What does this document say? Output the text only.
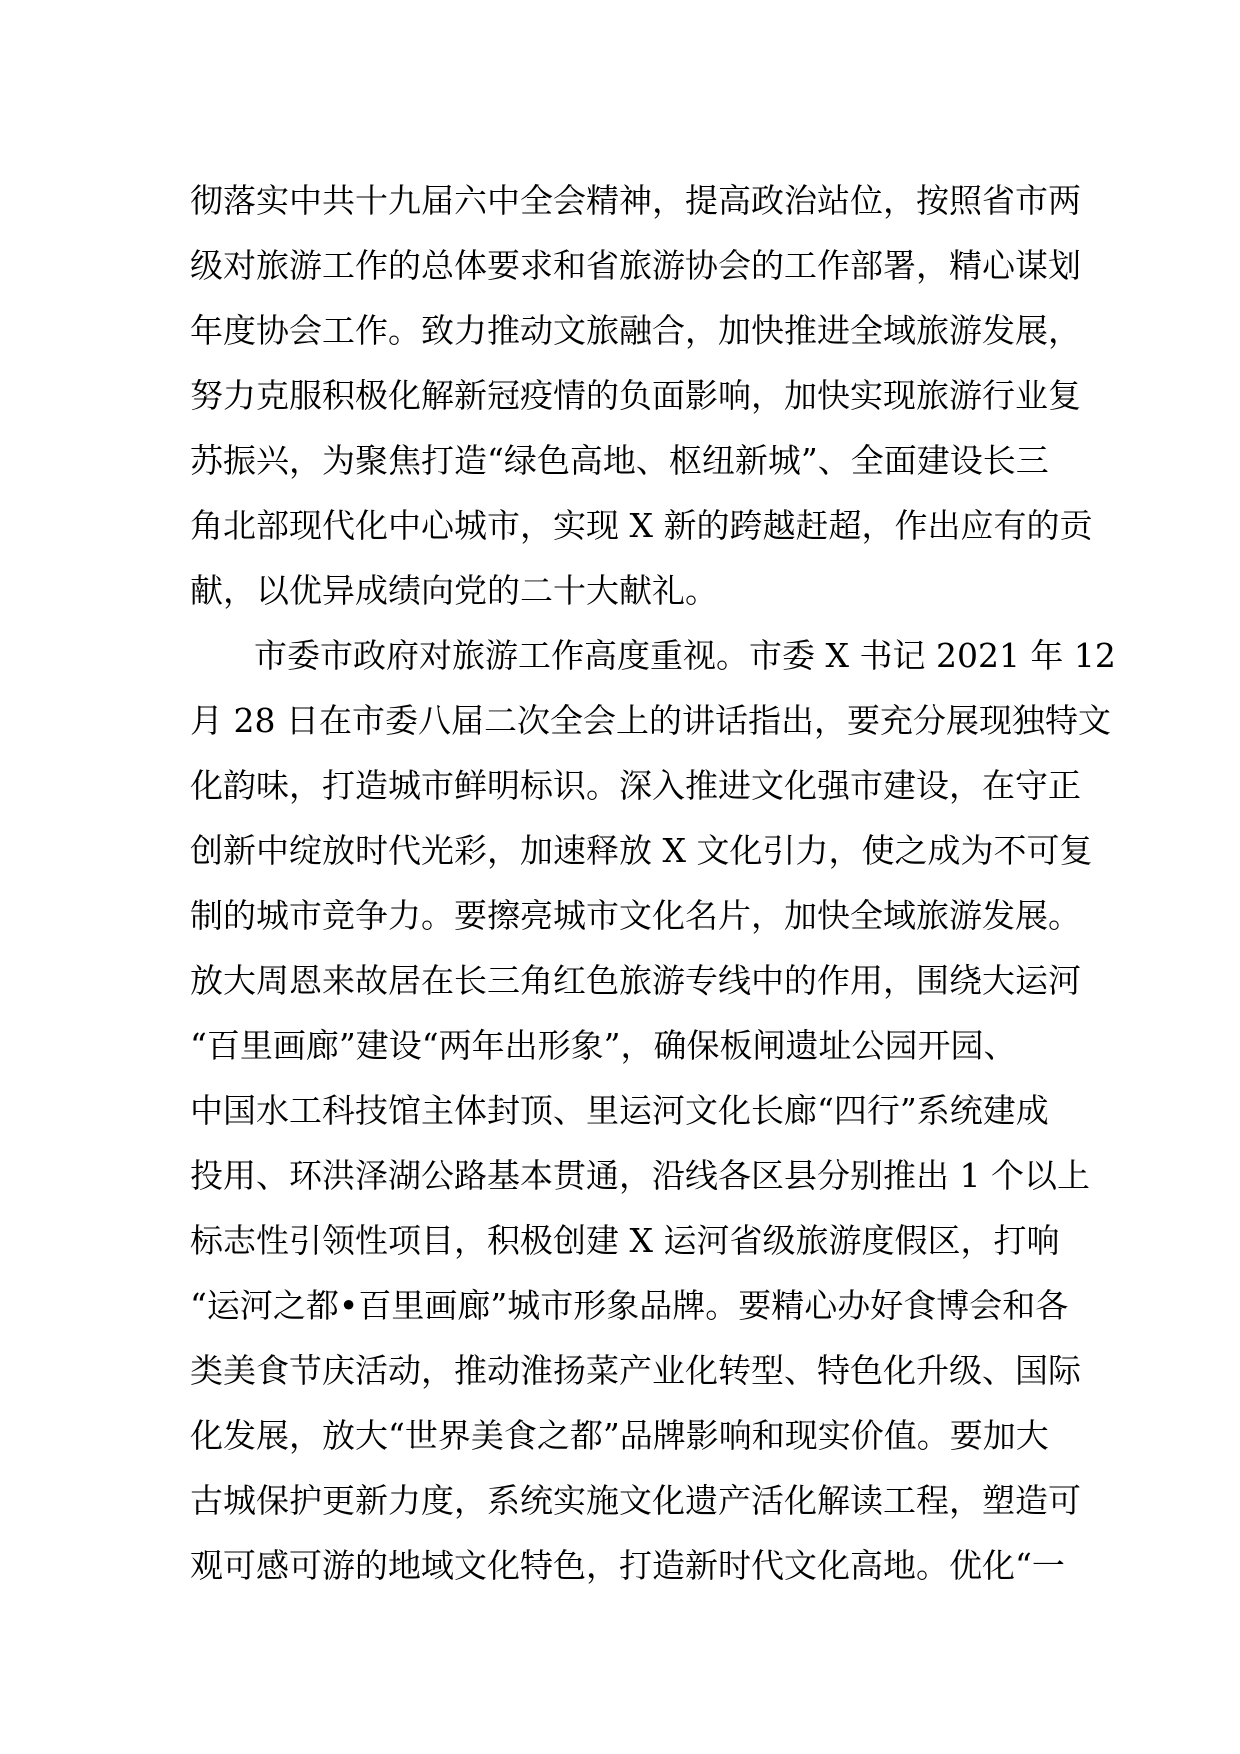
彻落实中共十九届六中全会精神，提高政治站位，按照省市两
级对旅游工作的总体要求和省旅游协会的工作部署，精心谋划
年度协会工作。致力推动文旅融合，加快推进全域旅游发展，
努力克服积极化解新冠疫情的负面影响，加快实现旅游行业复
苏振兴，为聚焦打造“绿色高地、枢纽新城”、全面建设长三
角北部现代化中心城市，实现 X 新的跨越赶超，作出应有的贡
献，以优异成绩向党的二十大献礼。
市委市政府对旅游工作高度重视。市委 X 书记 2021 年 12
月 28 日在市委八届二次全会上的讲话指出，要充分展现独特文
化韵味，打造城市鲜明标识。深入推进文化强市建设，在守正
创新中绽放时代光彩，加速释放 X 文化引力，使之成为不可复
制的城市竞争力。要擦亮城市文化名片，加快全域旅游发展。
放大周恩来故居在长三角红色旅游专线中的作用，围绕大运河
“百里画廊”建设“两年出形象”，确保板闸遗址公园开园、
中国水工科技馆主体封顶、里运河文化长廊“四行”系统建成
投用、环洪泽湖公路基本贯通，沿线各区县分别推出 1 个以上
标志性引领性项目，积极创建 X 运河省级旅游度假区，打响
“运河之都•百里画廊”城市形象品牌。要精心办好食博会和各
类美食节庆活动，推动淮扬菜产业化转型、特色化升级、国际
化发展，放大“世界美食之都”品牌影响和现实价值。要加大
古城保护更新力度，系统实施文化遗产活化解读工程，塑造可
观可感可游的地域文化特色，打造新时代文化高地。优化“一
